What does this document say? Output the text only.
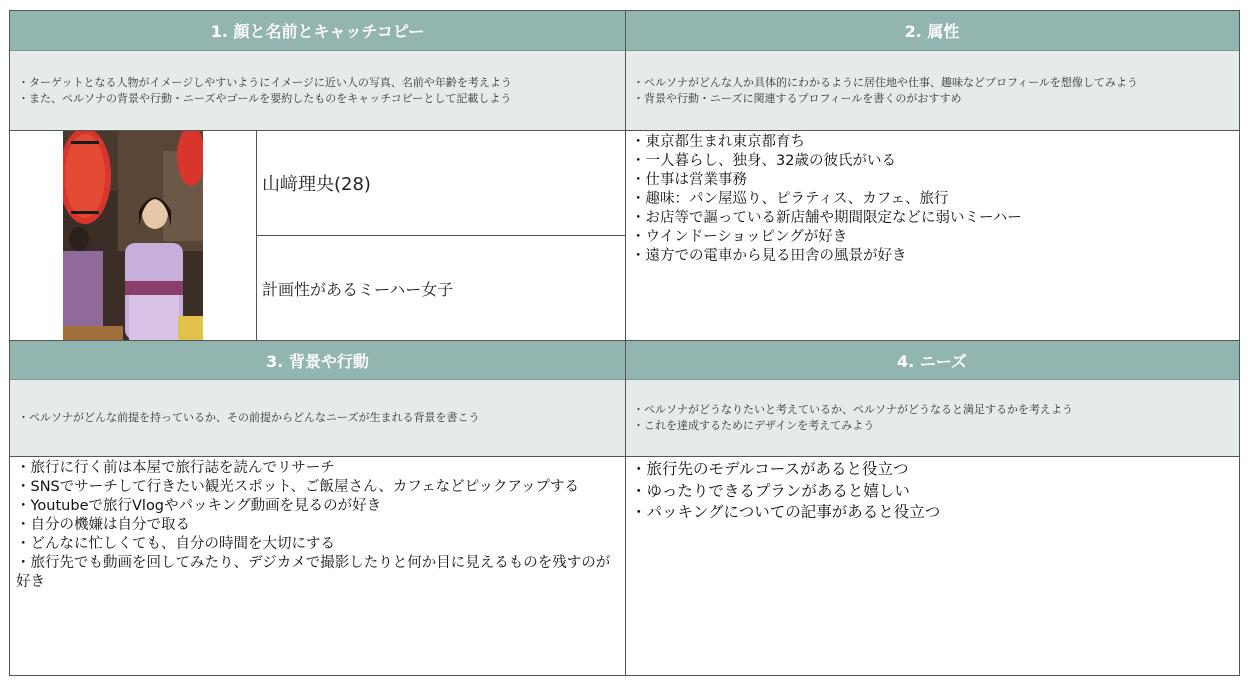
1. 顔と名前とキャッチコピー	2. 属性
・ターゲットとなる人物がイメージしやすいようにイメージに近い人の写真、名前や年齢を考えよう
・また、ペルソナの背景や行動・ニーズやゴールを要約したものをキャッチコピーとして記載しよう
・ペルソナがどんな人か具体的にわかるように居住地や仕事、趣味などプロフィールを想像してみよう
・背景や行動・ニーズに関連するプロフィールを書くのがおすすめ
山﨑理央(28)
計画性があるミーハー女子
・東京都生まれ東京都育ち
・一人暮らし、独身、32歳の彼氏がいる
・仕事は営業事務
・趣味：パン屋巡り、ピラティス、カフェ、旅行
・お店等で謳っている新店舗や期間限定などに弱いミーハー
・ウインドーショッピングが好き
・遠方での電車から見る田舎の風景が好き
3. 背景や行動	4. ニーズ
・ペルソナがどんな前提を持っているか、その前提からどんなニーズが生まれる背景を書こう
・ペルソナがどうなりたいと考えているか、ペルソナがどうなると満足するかを考えよう
・これを達成するためにデザインを考えてみよう
・旅行に行く前は本屋で旅行誌を読んでリサーチ
・SNSでサーチして行きたい観光スポット、ご飯屋さん、カフェなどピックアップする
・Youtubeで旅行Vlogやパッキング動画を見るのが好き
・自分の機嫌は自分で取る
・どんなに忙しくても、自分の時間を大切にする
・旅行先でも動画を回してみたり、デジカメで撮影したりと何か目に見えるものを残すのが好き
・旅行先のモデルコースがあると役立つ
・ゆったりできるプランがあると嬉しい
・パッキングについての記事があると役立つ
